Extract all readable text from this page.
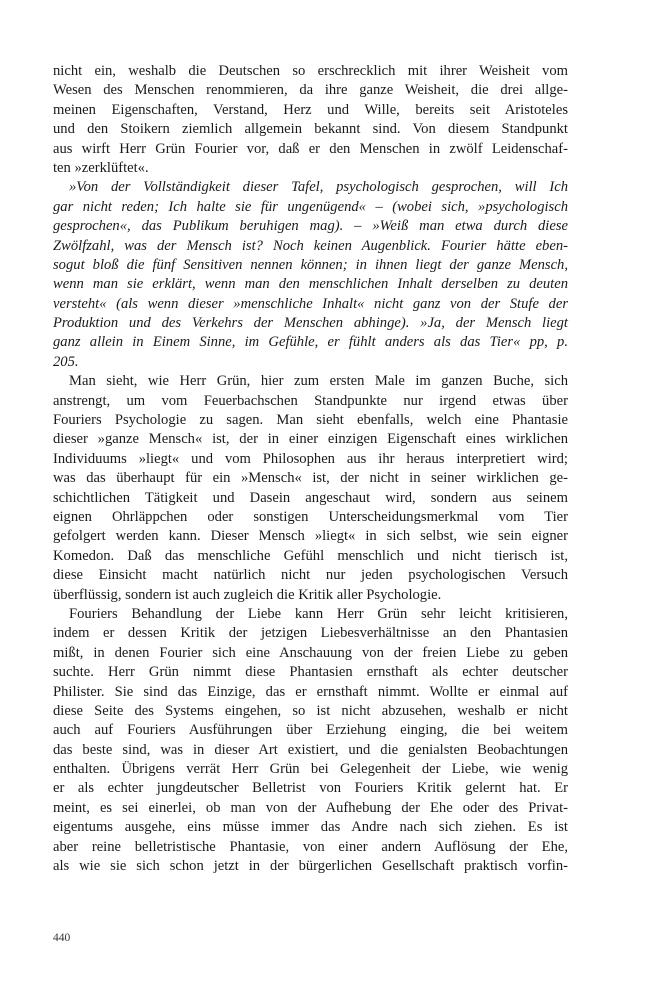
nicht ein, weshalb die Deutschen so erschrecklich mit ihrer Weisheit vom
Wesen des Menschen renommieren, da ihre ganze Weisheit, die drei allge-
meinen Eigenschaften, Verstand, Herz und Wille, bereits seit Aristoteles
und den Stoikern ziemlich allgemein bekannt sind. Von diesem Standpunkt
aus wirft Herr Grün Fourier vor, daß er den Menschen in zwölf Leidenschaf-
ten »zerklüftet«.
»Von der Vollständigkeit dieser Tafel, psychologisch gesprochen, will Ich
gar nicht reden; Ich halte sie für ungenügend« – (wobei sich, »psychologisch
gesprochen«, das Publikum beruhigen mag). – »Weiß man etwa durch diese
Zwölfzahl, was der Mensch ist? Noch keinen Augenblick. Fourier hätte eben-
sogut bloß die fünf Sensitiven nennen können; in ihnen liegt der ganze Mensch,
wenn man sie erklärt, wenn man den menschlichen Inhalt derselben zu deuten
versteht« (als wenn dieser »menschliche Inhalt« nicht ganz von der Stufe der
Produktion und des Verkehrs der Menschen abhinge). »Ja, der Mensch liegt
ganz allein in Einem Sinne, im Gefühle, er fühlt anders als das Tier« pp, p.
205.
Man sieht, wie Herr Grün, hier zum ersten Male im ganzen Buche, sich
anstrengt, um vom Feuerbachschen Standpunkte nur irgend etwas über
Fouriers Psychologie zu sagen. Man sieht ebenfalls, welch eine Phantasie
dieser »ganze Mensch« ist, der in einer einzigen Eigenschaft eines wirklichen
Individuums »liegt« und vom Philosophen aus ihr heraus interpretiert wird;
was das überhaupt für ein »Mensch« ist, der nicht in seiner wirklichen ge-
schichtlichen Tätigkeit und Dasein angeschaut wird, sondern aus seinem
eignen Ohrläppchen oder sonstigen Unterscheidungsmerkmal vom Tier
gefolgert werden kann. Dieser Mensch »liegt« in sich selbst, wie sein eigner
Komedon. Daß das menschliche Gefühl menschlich und nicht tierisch ist,
diese Einsicht macht natürlich nicht nur jeden psychologischen Versuch
überflüssig, sondern ist auch zugleich die Kritik aller Psychologie.
Fouriers Behandlung der Liebe kann Herr Grün sehr leicht kritisieren,
indem er dessen Kritik der jetzigen Liebesverhältnisse an den Phantasien
mißt, in denen Fourier sich eine Anschauung von der freien Liebe zu geben
suchte. Herr Grün nimmt diese Phantasien ernsthaft als echter deutscher
Philister. Sie sind das Einzige, das er ernsthaft nimmt. Wollte er einmal auf
diese Seite des Systems eingehen, so ist nicht abzusehen, weshalb er nicht
auch auf Fouriers Ausführungen über Erziehung einging, die bei weitem
das beste sind, was in dieser Art existiert, und die genialsten Beobachtungen
enthalten. Übrigens verrät Herr Grün bei Gelegenheit der Liebe, wie wenig
er als echter jungdeutscher Belletrist von Fouriers Kritik gelernt hat. Er
meint, es sei einerlei, ob man von der Aufhebung der Ehe oder des Privat-
eigentums ausgehe, eins müsse immer das Andre nach sich ziehen. Es ist
aber reine belletristische Phantasie, von einer andern Auflösung der Ehe,
als wie sie sich schon jetzt in der bürgerlichen Gesellschaft praktisch vorfin-
440
